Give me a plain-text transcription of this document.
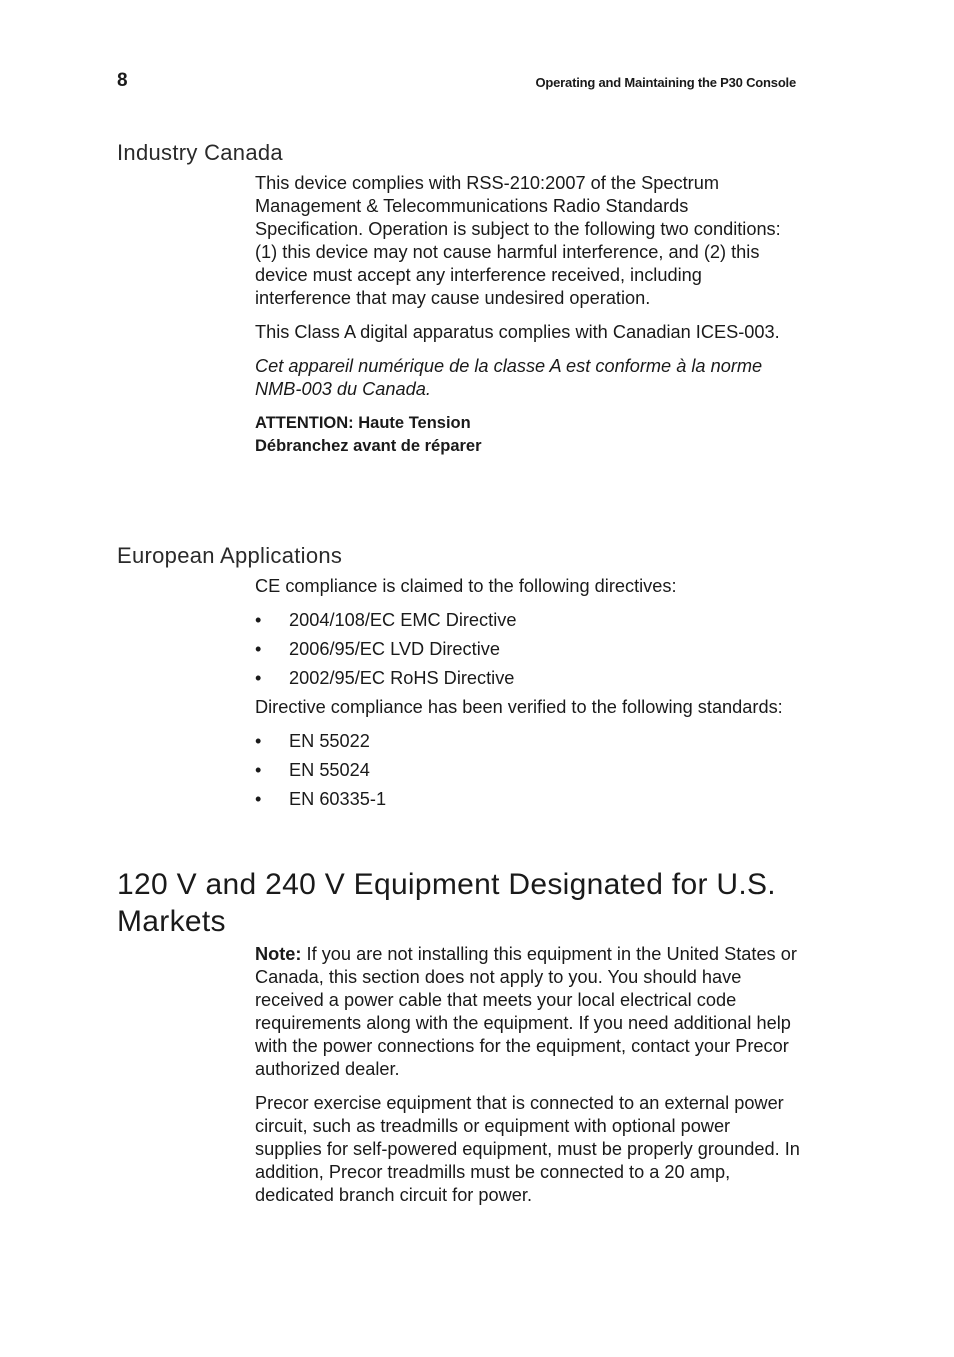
8	Operating and Maintaining the P30 Console
Industry Canada

This device complies with RSS-210:2007 of the Spectrum Management & Telecommunications Radio Standards Specification. Operation is subject to the following two conditions: (1) this device may not cause harmful interference, and (2) this device must accept any interference received, including interference that may cause undesired operation.

This Class A digital apparatus complies with Canadian ICES-003.

Cet appareil numérique de la classe A est conforme à la norme NMB-003 du Canada.

ATTENTION: Haute Tension
Débranchez avant de réparer
European Applications

CE compliance is claimed to the following directives:

• 2004/108/EC EMC Directive
• 2006/95/EC LVD Directive
• 2002/95/EC RoHS Directive

Directive compliance has been verified to the following standards:

• EN 55022
• EN 55024
• EN 60335-1
120 V and 240 V Equipment Designated for U.S. Markets

Note: If you are not installing this equipment in the United States or Canada, this section does not apply to you. You should have received a power cable that meets your local electrical code requirements along with the equipment. If you need additional help with the power connections for the equipment, contact your Precor authorized dealer.

Precor exercise equipment that is connected to an external power circuit, such as treadmills or equipment with optional power supplies for self-powered equipment, must be properly grounded. In addition, Precor treadmills must be connected to a 20 amp, dedicated branch circuit for power.
